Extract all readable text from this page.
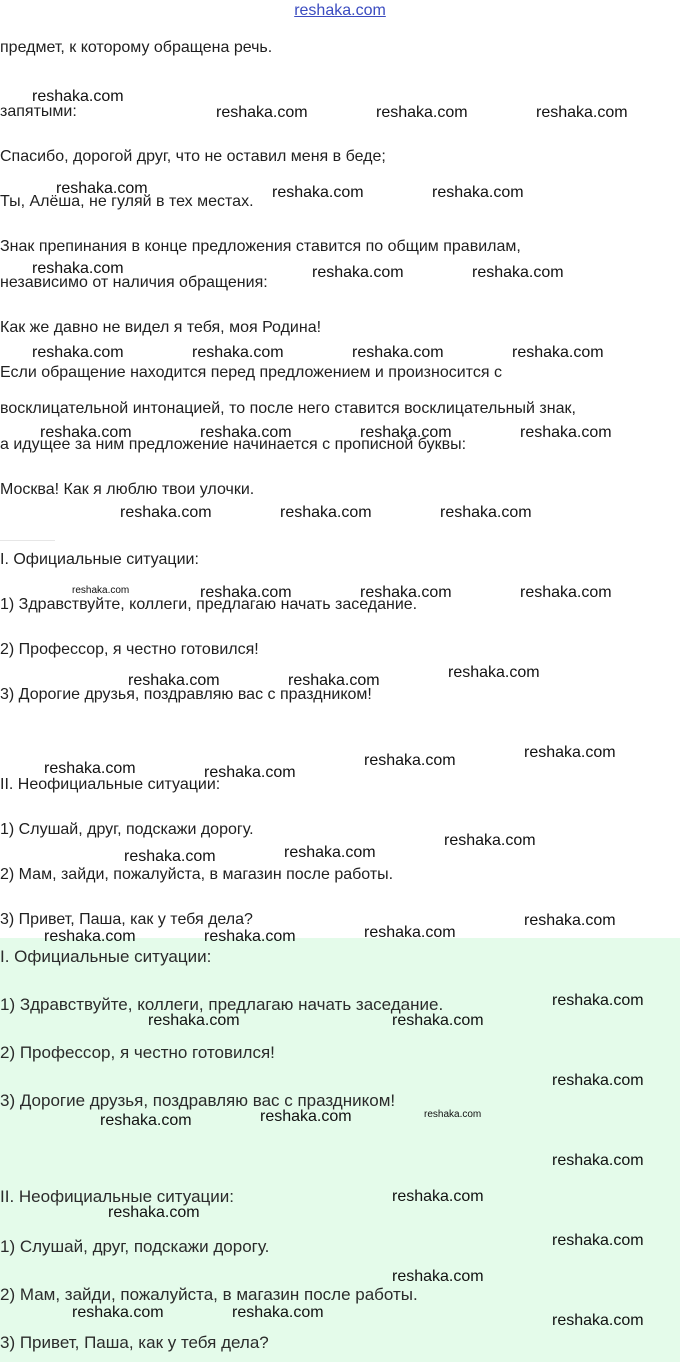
reshaka.com
предмет, к которому обращена речь.
запятыми:
Спасибо, дорогой друг, что не оставил меня в беде;
Ты, Алёша, не гуляй в тех местах.
Знак препинания в конце предложения ставится по общим правилам,
независимо от наличия обращения:
Как же давно не видел я тебя, моя Родина!
Если обращение находится перед предложением и произносится с
восклицательной интонацией, то после него ставится восклицательный знак,
а идущее за ним предложение начинается с прописной буквы:
Москва! Как я люблю твои улочки.
I. Официальные ситуации:
1) Здравствуйте, коллеги, предлагаю начать заседание.
2) Профессор, я честно готовился!
3) Дорогие друзья, поздравляю вас с праздником!
II. Неофициальные ситуации:
1) Слушай, друг, подскажи дорогу.
2) Мам, зайди, пожалуйста, в магазин после работы.
3) Привет, Паша, как у тебя дела?
I. Официальные ситуации:
1) Здравствуйте, коллеги, предлагаю начать заседание.
2) Профессор, я честно готовился!
3) Дорогие друзья, поздравляю вас с праздником!
II. Неофициальные ситуации:
1) Слушай, друг, подскажи дорогу.
2) Мам, зайди, пожалуйста, в магазин после работы.
3) Привет, Паша, как у тебя дела?
reshaka.com
reshaka.com	reshaka.com	reshaka.com
reshaka.com	reshaka.com	reshaka.com
reshaka.com	reshaka.com	reshaka.com
reshaka.com	reshaka.com	reshaka.com	reshaka.com
reshaka.com	reshaka.com	reshaka.com	reshaka.com
reshaka.com	reshaka.com	reshaka.com
reshaka.com	reshaka.com	reshaka.com	reshaka.com
reshaka.com
reshaka.com	reshaka.com
reshaka.com
reshaka.com
reshaka.com	reshaka.com
reshaka.com
reshaka.com
reshaka.com
reshaka.com
reshaka.com
reshaka.com	reshaka.com
reshaka.com
reshaka.com	reshaka.com
reshaka.com
reshaka.com
reshaka.com
reshaka.com
reshaka.com
reshaka.com
reshaka.com
reshaka.com
reshaka.com
reshaka.com	reshaka.com	reshaka.com
